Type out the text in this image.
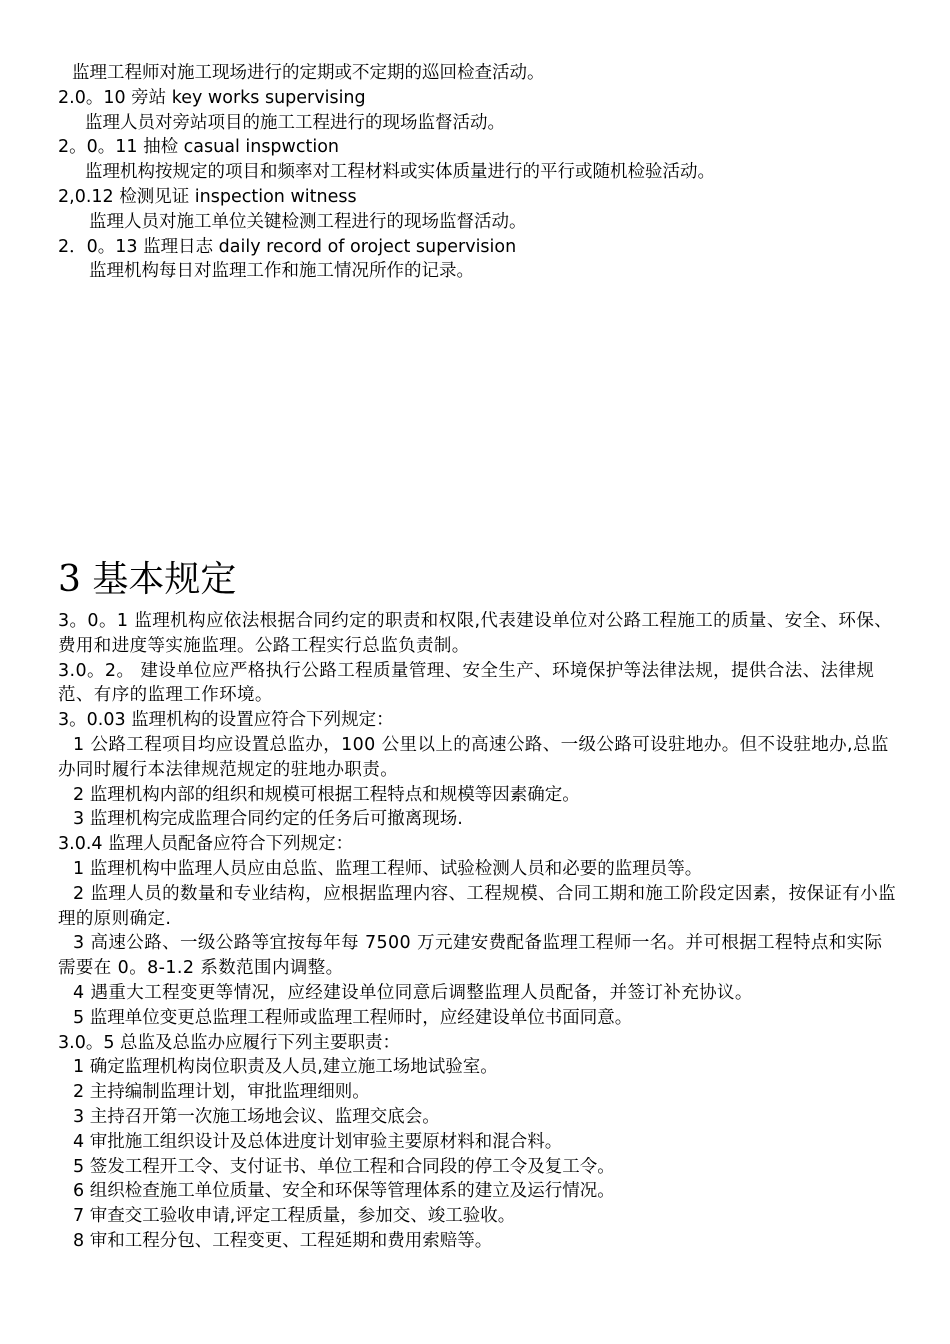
监理工程师对施工现场进行的定期或不定期的巡回检查活动。
2.0。10 旁站 key works supervising
监理人员对旁站项目的施工工程进行的现场监督活动。
2。0。11 抽检 casual inspwction
监理机构按规定的项目和频率对工程材料或实体质量进行的平行或随机检验活动。
2,0.12 检测见证 inspection witness
监理人员对施工单位关键检测工程进行的现场监督活动。
2．0。13 监理日志 daily record of oroject supervision
监理机构每日对监理工作和施工情况所作的记录。
3 基本规定
3。0。1 监理机构应依法根据合同约定的职责和权限,代表建设单位对公路工程施工的质量、安全、环保、费用和进度等实施监理。公路工程实行总监负责制。
3.0。2。 建设单位应严格执行公路工程质量管理、安全生产、环境保护等法律法规，提供合法、法律规范、有序的监理工作环境。
3。0.03 监理机构的设置应符合下列规定：
1 公路工程项目均应设置总监办，100 公里以上的高速公路、一级公路可设驻地办。但不设驻地办,总监办同时履行本法律规范规定的驻地办职责。
2 监理机构内部的组织和规模可根据工程特点和规模等因素确定。
3 监理机构完成监理合同约定的任务后可撤离现场.
3.0.4 监理人员配备应符合下列规定：
1 监理机构中监理人员应由总监、监理工程师、试验检测人员和必要的监理员等。
2 监理人员的数量和专业结构，应根据监理内容、工程规模、合同工期和施工阶段定因素，按保证有小监理的原则确定.
3 高速公路、一级公路等宜按每年每 7500 万元建安费配备监理工程师一名。并可根据工程特点和实际需要在 0。8-1.2 系数范围内调整。
4 遇重大工程变更等情况，应经建设单位同意后调整监理人员配备，并签订补充协议。
5 监理单位变更总监理工程师或监理工程师时，应经建设单位书面同意。
3.0。5 总监及总监办应履行下列主要职责：
1 确定监理机构岗位职责及人员,建立施工场地试验室。
2 主持编制监理计划，审批监理细则。
3 主持召开第一次施工场地会议、监理交底会。
4 审批施工组织设计及总体进度计划审验主要原材料和混合料。
5 签发工程开工令、支付证书、单位工程和合同段的停工令及复工令。
6 组织检查施工单位质量、安全和环保等管理体系的建立及运行情况。
7 审查交工验收申请,评定工程质量，参加交、竣工验收。
8 审和工程分包、工程变更、工程延期和费用索赔等。
